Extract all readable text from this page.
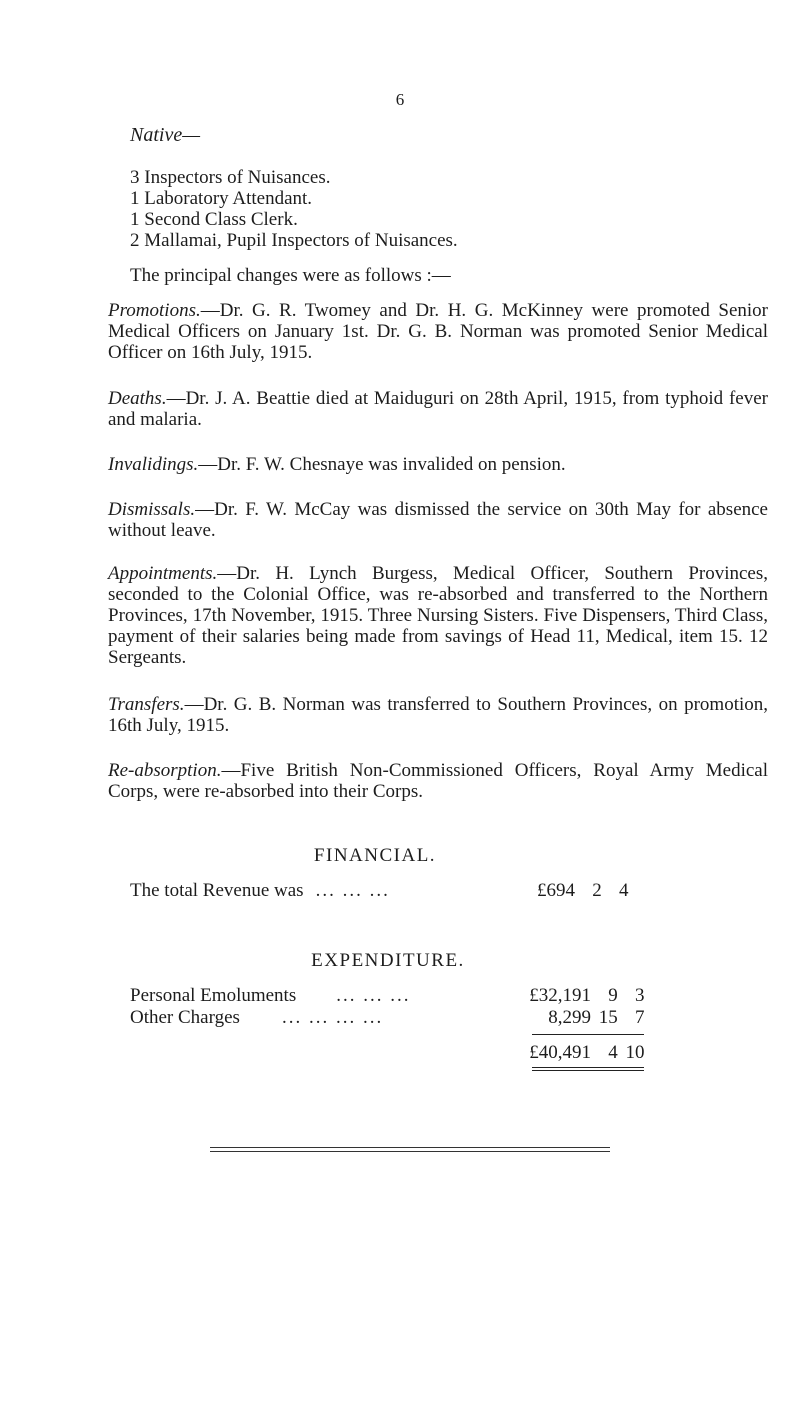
6
Native—
3 Inspectors of Nuisances.
1 Laboratory Attendant.
1 Second Class Clerk.
2 Mallamai, Pupil Inspectors of Nuisances.
The principal changes were as follows :—

Promotions.—Dr. G. R. Twomey and Dr. H. G. McKinney were promoted Senior Medical Officers on January 1st. Dr. G. B. Norman was promoted Senior Medical Officer on 16th July, 1915.

Deaths.—Dr. J. A. Beattie died at Maiduguri on 28th April, 1915, from typhoid fever and malaria.

Invalidings.—Dr. F. W. Chesnaye was invalided on pension.

Dismissals.—Dr. F. W. McCay was dismissed the service on 30th May for absence without leave.

Appointments.—Dr. H. Lynch Burgess, Medical Officer, Southern Provinces, seconded to the Colonial Office, was re-absorbed and transferred to the Northern Provinces, 17th November, 1915. Three Nursing Sisters. Five Dispensers, Third Class, payment of their salaries being made from savings of Head 11, Medical, item 15. 12 Sergeants.

Transfers.—Dr. G. B. Norman was transferred to Southern Provinces, on promotion, 16th July, 1915.

Re-absorption.—Five British Non-Commissioned Officers, Royal Army Medical Corps, were re-absorbed into their Corps.

FINANCIAL.
The total Revenue was ... ... ...	£694 2 4
EXPENDITURE.
Personal Emoluments ... ... ...	£32,191 9 3
Other Charges ... ... ... ...	8,299 15 7
£40,491 4 10
